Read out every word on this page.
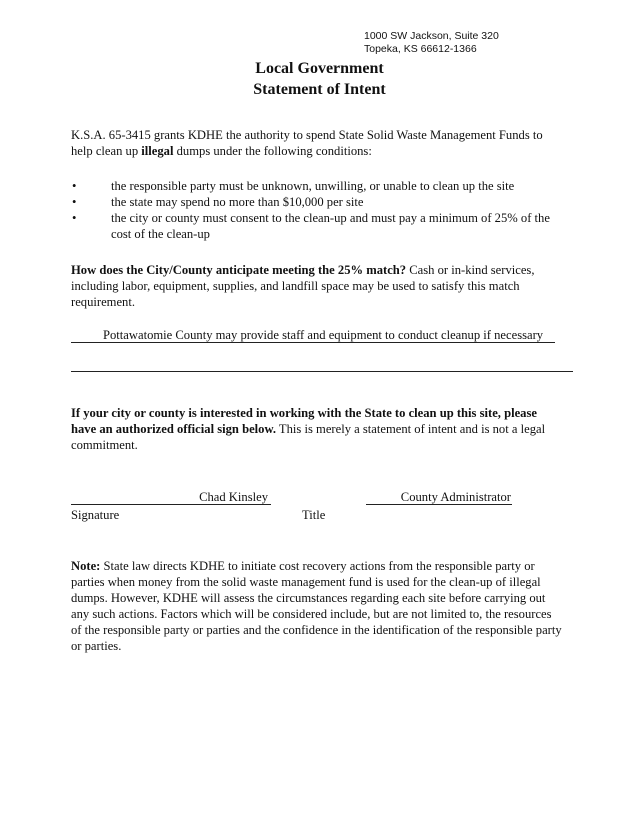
1000 SW Jackson, Suite 320
Topeka, KS 66612-1366
Local Government
Statement of Intent

K.S.A. 65-3415 grants KDHE the authority to spend State Solid Waste Management Funds to help clean up illegal dumps under the following conditions:

•	the responsible party must be unknown, unwilling, or unable to clean up the site
•	the state may spend no more than $10,000 per site
•	the city or county must consent to the clean-up and must pay a minimum of 25% of the cost of the clean-up

How does the City/County anticipate meeting the 25% match? Cash or in-kind services, including labor, equipment, supplies, and landfill space may be used to satisfy this match requirement.

Pottawatomie County may provide staff and equipment to conduct cleanup if necessary

If your city or county is interested in working with the State to clean up this site, please have an authorized official sign below. This is merely a statement of intent and is not a legal commitment.

Chad Kinsley	County Administrator
Signature	Title

Note: State law directs KDHE to initiate cost recovery actions from the responsible party or parties when money from the solid waste management fund is used for the clean-up of illegal dumps. However, KDHE will assess the circumstances regarding each site before carrying out any such actions. Factors which will be considered include, but are not limited to, the resources of the responsible party or parties and the confidence in the identification of the responsible party or parties.
